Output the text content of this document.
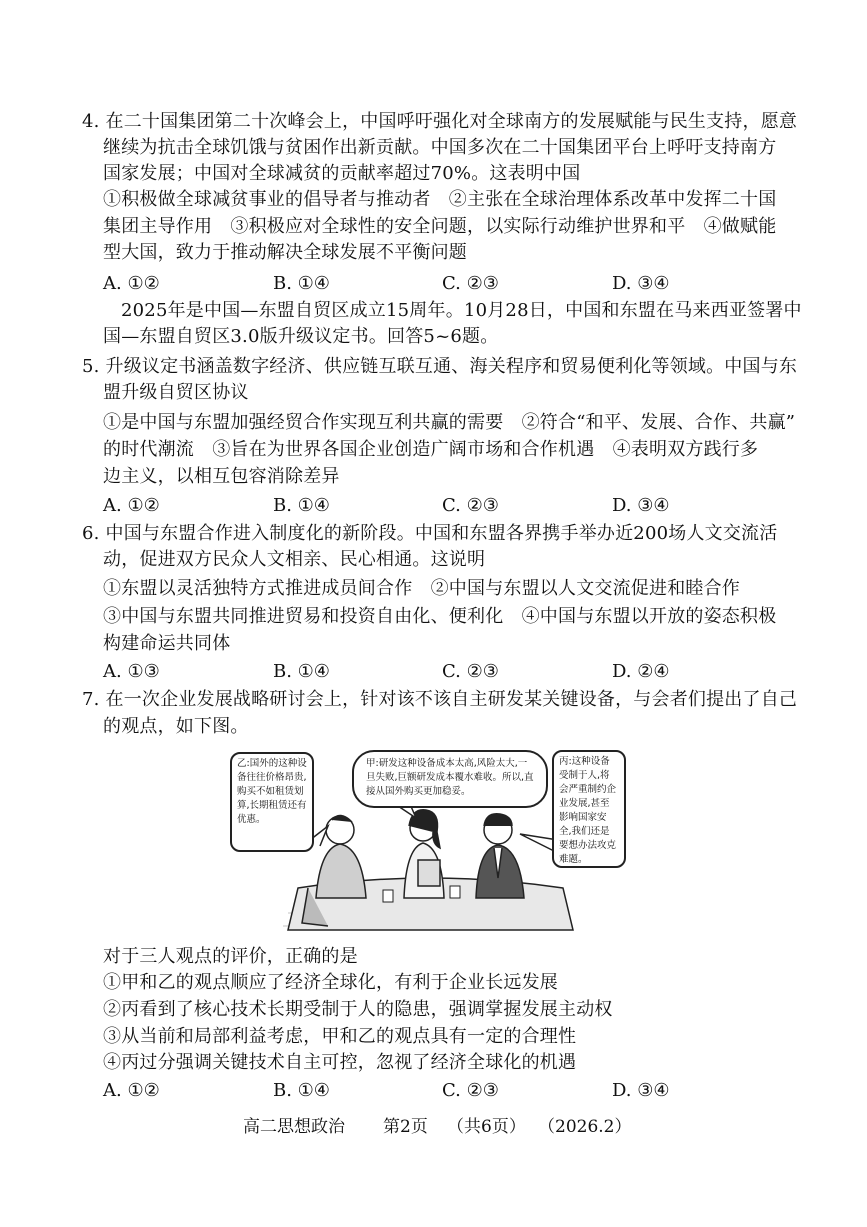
4. 在二十国集团第二十次峰会上，中国呼吁强化对全球南方的发展赋能与民生支持，愿意
继续为抗击全球饥饿与贫困作出新贡献。中国多次在二十国集团平台上呼吁支持南方
国家发展；中国对全球减贫的贡献率超过70%。这表明中国
①积极做全球减贫事业的倡导者与推动者　②主张在全球治理体系改革中发挥二十国
集团主导作用　③积极应对全球性的安全问题，以实际行动维护世界和平　④做赋能
型大国，致力于推动解决全球发展不平衡问题
A. ①②	B. ①④	C. ②③	D. ③④
2025年是中国—东盟自贸区成立15周年。10月28日，中国和东盟在马来西亚签署中
国—东盟自贸区3.0版升级议定书。回答5~6题。
5. 升级议定书涵盖数字经济、供应链互联互通、海关程序和贸易便利化等领域。中国与东
盟升级自贸区协议
①是中国与东盟加强经贸合作实现互利共赢的需要　②符合“和平、发展、合作、共赢”
的时代潮流　③旨在为世界各国企业创造广阔市场和合作机遇　④表明双方践行多
边主义，以相互包容消除差异
A. ①②	B. ①④	C. ②③	D. ③④
6. 中国与东盟合作进入制度化的新阶段。中国和东盟各界携手举办近200场人文交流活
动，促进双方民众人文相亲、民心相通。这说明
①东盟以灵活独特方式推进成员间合作　②中国与东盟以人文交流促进和睦合作
③中国与东盟共同推进贸易和投资自由化、便利化　④中国与东盟以开放的姿态积极
构建命运共同体
A. ①③	B. ①④	C. ②③	D. ②④
7. 在一次企业发展战略研讨会上，针对该不该自主研发某关键设备，与会者们提出了自己
的观点，如下图。
乙:国外的这种设备往往价格昂贵,购买不如租赁划算,长期租赁还有优惠。
甲:研发这种设备成本太高,风险太大,一旦失败,巨额研发成本覆水难收。所以,直接从国外购买更加稳妥。
丙:这种设备受制于人,将会严重制约企业发展,甚至影响国家安全,我们还是要想办法攻克难题。
对于三人观点的评价，正确的是
①甲和乙的观点顺应了经济全球化，有利于企业长远发展
②丙看到了核心技术长期受制于人的隐患，强调掌握发展主动权
③从当前和局部利益考虑，甲和乙的观点具有一定的合理性
④丙过分强调关键技术自主可控，忽视了经济全球化的机遇
A. ①②	B. ①④	C. ②③	D. ③④
高二思想政治 第2页 （共6页） （2026.2）
